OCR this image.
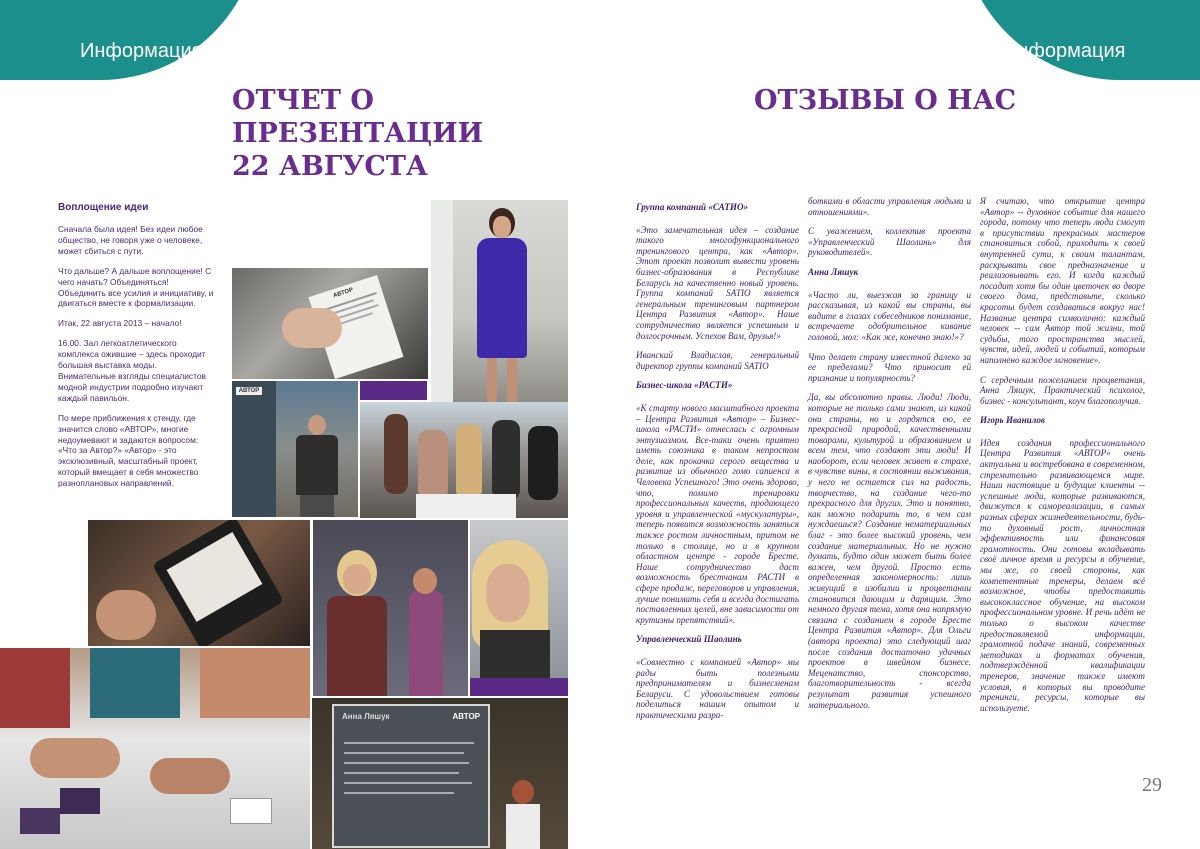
Информация
ОТЧЕТ О ПРЕЗЕНТАЦИИ
22 АВГУСТА
Воплощение идеи

Сначала была идея! Без идеи любое общество, не говоря уже о человеке, может сбиться с пути.

Что дальше? А дальше воплощение! С чего начать? Объединяться! Объединить все усилия и инициативу, и двигаться вместе к формализации.

Итак, 22 августа 2013 – начало!

16.00. Зал легкоатлетического комплекса ожившие – здесь проходит большая выставка моды. Внимательные взгляды специалистов модной индустрии подробно изучают каждый павильон.

По мере приближения к стенду, где значится слово «АВТОР», многие недоумевают и задаются вопросом: «Что за Автор?» «Автор» - это эксклюзивный, масштабный проект, который вмещает в себя множество разноплановых направлений.

АВТОР
АВТОР
Анна Ляшук	АВТОР
Информация
ОТЗЫВЫ О НАС

Группа компаний «САТИО»

«Это замечательная идея – создание такого многофункционального тренингового центра, как «Автор». Этот проект позволит вывести уровень бизнес-образования в Республике Беларусь на качественно новый уровень. Группа компаний SATIO является генеральным тренинговым партнером Центра Развития «Автор». Наше сотрудничество является успешным и долгосрочным. Успехов Вам, друзья!»

Иванский Владислав, генеральный директор группы компаний SATIO

Бизнес-школа «РАСТИ»

«К старту нового масштабного проекта – Центра Развития «Автор» – Бизнес-школа «РАСТИ» отнеслась с огромным энтузиазмом. Все-таки очень приятно иметь союзника в таком непростом деле, как прокачка серого вещества и развитие из обычного гомо сапиенса в Человека Успешного! Это очень здорово, что, помимо тренировки профессиональных качеств, продающего уровня и управленческой «мускулатуры», теперь появится возможность заняться также ростом личностным, притом не только в столице, но и в крупном областном центре - городе Бресте. Наше сотрудничество даст возможность брестчанам РАСТИ в сфере продаж, переговоров и управления, лучше понимать себя и всегда достигать поставленных целей, вне зависимости от крутизны препятствий».

Управленческий Шаолинь

«Совместно с компанией «Автор» мы рады быть полезными предпринимателям и бизнесменам Беларуси. С удовольствием готовы поделиться нашим опытом и практическими разра-

ботками в области управления людьми и отношениями».

С уважением, коллектив проекта «Управленческий Шаолинь» для руководителей».

Анна Ляшук

«Часто ли, выезжая за границу и рассказывая, из какой вы страны, вы видите в глазах собеседников понимание, встречаете одобрительное кивание головой, мол: «Как же, конечно знаю!»?

Что делает страну известной далеко за ее пределами? Что приносит ей признание и популярность?

Да, вы абсолютно правы. Люди! Люди, которые не только сами знают, из какой они страны, но и гордятся ею, ее прекрасной природой, качественными товарами, культурой и образованием и всем тем, что создают эти люди! И наоборот, если человек живет в страхе, в чувстве вины, в состоянии выживания, у него не остается сил на радость, творчество, на создание чего-то прекрасного для других. Это и понятно, как можно подарить то, в чем сам нуждаешься? Создание нематериальных благ - это более высокий уровень, чем создание материальных. Но не нужно думать, будто один может быть более важен, чем другой. Просто есть определенная закономерность: лишь живущий в изобилии и процветании становится дающим и дарящим. Это немного другая тема, хотя она напрямую связана с созданием в городе Бресте Центра Развития «Автор». Для Ольги (автора проекта) это следующий шаг после создания достаточно удачных проектов в швейном бизнесе. Меценатство, спонсорство, благотворительность - всегда результат развития успешного материального.

Я считаю, что открытие центра «Автор» -- духовное событие для нашего города, потому что теперь люди смогут в присутствии прекрасных мастеров становиться собой, приходить к своей внутренней сути, к своим талантам, раскрывать свое предназначение и реализовывать его. И когда каждый посадит хотя бы один цветочек во дворе своего дома, представьте, сколько красоты будет создаваться вокруг нас! Название центра символично: каждый человек -- сам Автор той жизни, той судьбы, того пространства мыслей, чувств, идей, людей и событий, которым наполнено каждое мгновение».

С сердечным пожеланием процветания, Анна Ляшук, Практический психолог, бизнес - консультант, коуч благополучия.

Игорь Иванилов

Идея создания профессионального Центра Развития «АВТОР» очень актуальна и востребована в современном, стремительно развивающемся мире. Наши настоящие и будущие клиенты -- успешные люди, которые развиваются, движутся к самореализации, в самых разных сферах жизнедеятельности, будь-то духовный рост, личностная эффективность или финансовая грамотность. Они готовы вкладывать своё личное время и ресурсы в обучение, мы же, со своей стороны, как компетентные тренеры, делаем всё возможное, чтобы предоставить высококлассное обучение, на высоком профессиональном уровне. И речь идёт не только о высоком качестве предоставляемой информации, грамотной подаче знаний, современных методиках и форматах обучения, подтверждённой квалификации тренеров, значение также имеют условия, в которых вы проводите тренинги, ресурсы, которые вы используете.

29
